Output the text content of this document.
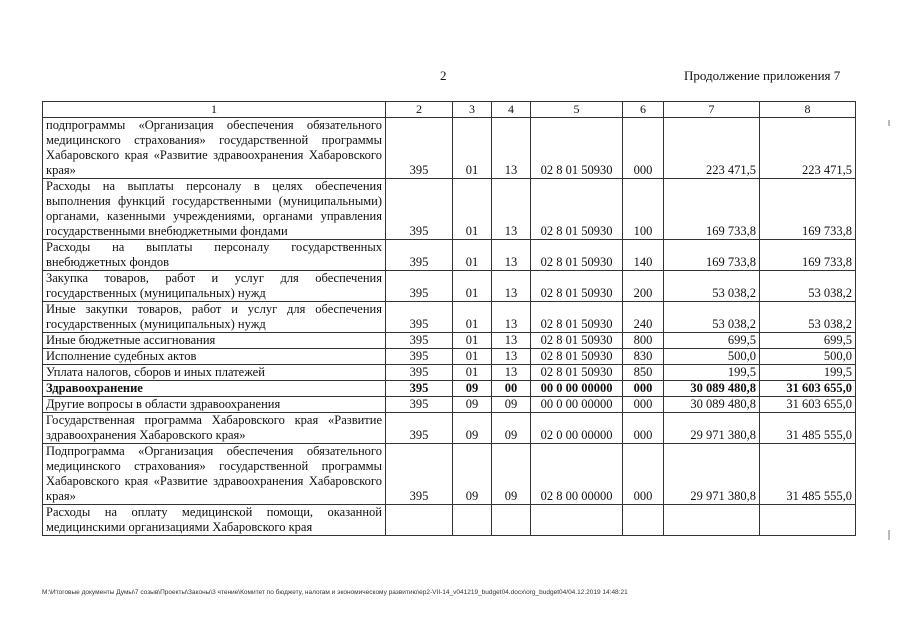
2	Продолжение приложения 7
1	2	3	4	5	6	7	8
подпрограммы «Организация обеспечения обязательного медицинского страхования» государственной программы Хабаровского края «Развитие здравоохранения Хабаровского края»	395	01	13	02 8 01 50930	000	223 471,5	223 471,5
Расходы на выплаты персоналу в целях обеспечения выполнения функций государственными (муниципальными) органами, казенными учреждениями, органами управления государственными внебюджетными фондами	395	01	13	02 8 01 50930	100	169 733,8	169 733,8
Расходы на выплаты персоналу государственных внебюджетных фондов	395	01	13	02 8 01 50930	140	169 733,8	169 733,8
Закупка товаров, работ и услуг для обеспечения государственных (муниципальных) нужд	395	01	13	02 8 01 50930	200	53 038,2	53 038,2
Иные закупки товаров, работ и услуг для обеспечения государственных (муниципальных) нужд	395	01	13	02 8 01 50930	240	53 038,2	53 038,2
Иные бюджетные ассигнования	395	01	13	02 8 01 50930	800	699,5	699,5
Исполнение судебных актов	395	01	13	02 8 01 50930	830	500,0	500,0
Уплата налогов, сборов и иных платежей	395	01	13	02 8 01 50930	850	199,5	199,5
Здравоохранение	395	09	00	00 0 00 00000	000	30 089 480,8	31 603 655,0
Другие вопросы в области здравоохранения	395	09	09	00 0 00 00000	000	30 089 480,8	31 603 655,0
Государственная программа Хабаровского края «Развитие здравоохранения Хабаровского края»	395	09	09	02 0 00 00000	000	29 971 380,8	31 485 555,0
Подпрограмма «Организация обеспечения обязательного медицинского страхования» государственной программы Хабаровского края «Развитие здравоохранения Хабаровского края»	395	09	09	02 8 00 00000	000	29 971 380,8	31 485 555,0
Расходы на оплату медицинской помощи, оказанной медицинскими организациями Хабаровского края							
M:\Итоговые документы Думы\7 созыв\Проекты\Законы\3 чтение\Комитет по бюджету, налогам и экономическому развитию\ep2-VII-14_v041219_budget04.docx\org_budget04/04.12.2019 14:48:21
